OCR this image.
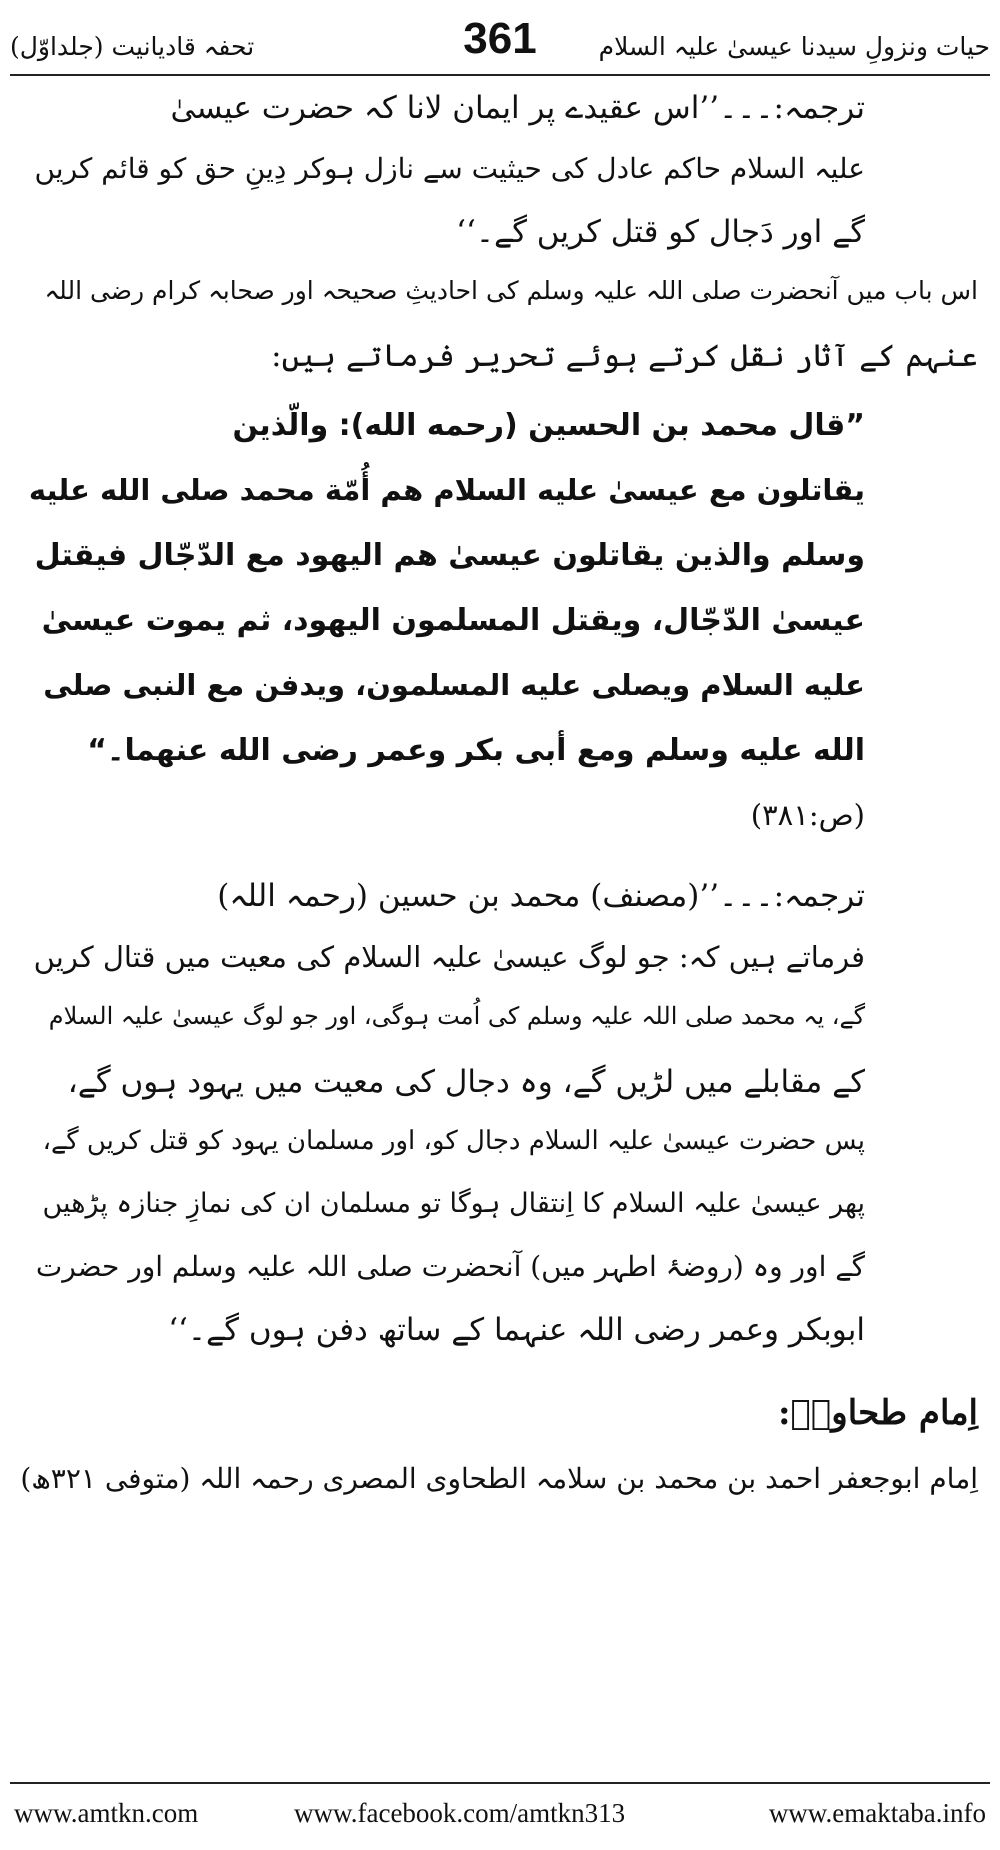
تحفہ قادیانیت (جلداوّل)	361	حیات ونزولِ سیدنا عیسیٰ علیہ السلام
ترجمہ:۔۔۔’’اس عقیدے پر ایمان لانا کہ حضرت عیسیٰ
علیہ السلام حاکم عادل کی حیثیت سے نازل ہوکر دِینِ حق کو قائم کریں
گے اور دَجال کو قتل کریں گے۔‘‘
اس باب میں آنحضرت صلی اللہ علیہ وسلم کی احادیثِ صحیحہ اور صحابہ کرام رضی اللہ
عنہم کے آثار نقل کرتے ہوئے تحریر فرماتے ہیں:
”قال محمد بن الحسين (رحمه الله): والّذين
يقاتلون مع عيسىٰ عليه السلام هم أُمّة محمد صلى الله عليه
وسلم والذين يقاتلون عيسىٰ هم اليهود مع الدّجّال فيقتل
عيسىٰ الدّجّال، ويقتل المسلمون اليهود، ثم يموت عيسىٰ
عليه السلام ويصلى عليه المسلمون، ويدفن مع النبى صلى
الله عليه وسلم ومع أبى بكر وعمر رضى الله عنهما۔“
(ص:۳۸۱)
ترجمہ:۔۔۔’’(مصنف) محمد بن حسین (رحمہ اللہ)
فرماتے ہیں کہ: جو لوگ عیسیٰ علیہ السلام کی معیت میں قتال کریں
گے، یہ محمد صلی اللہ علیہ وسلم کی اُمت ہوگی، اور جو لوگ عیسیٰ علیہ السلام
کے مقابلے میں لڑیں گے، وہ دجال کی معیت میں یہود ہوں گے،
پس حضرت عیسیٰ علیہ السلام دجال کو، اور مسلمان یہود کو قتل کریں گے،
پھر عیسیٰ علیہ السلام کا اِنتقال ہوگا تو مسلمان ان کی نمازِ جنازہ پڑھیں
گے اور وہ (روضۂ اطہر میں) آنحضرت صلی اللہ علیہ وسلم اور حضرت
ابوبکر وعمر رضی اللہ عنہما کے ساتھ دفن ہوں گے۔‘‘
اِمام طحاویؒ:
اِمام ابوجعفر احمد بن محمد بن سلامہ الطحاوی المصری رحمہ اللہ (متوفی ۳۲۱ھ)
www.amtkn.com	www.facebook.com/amtkn313	www.emaktaba.info
